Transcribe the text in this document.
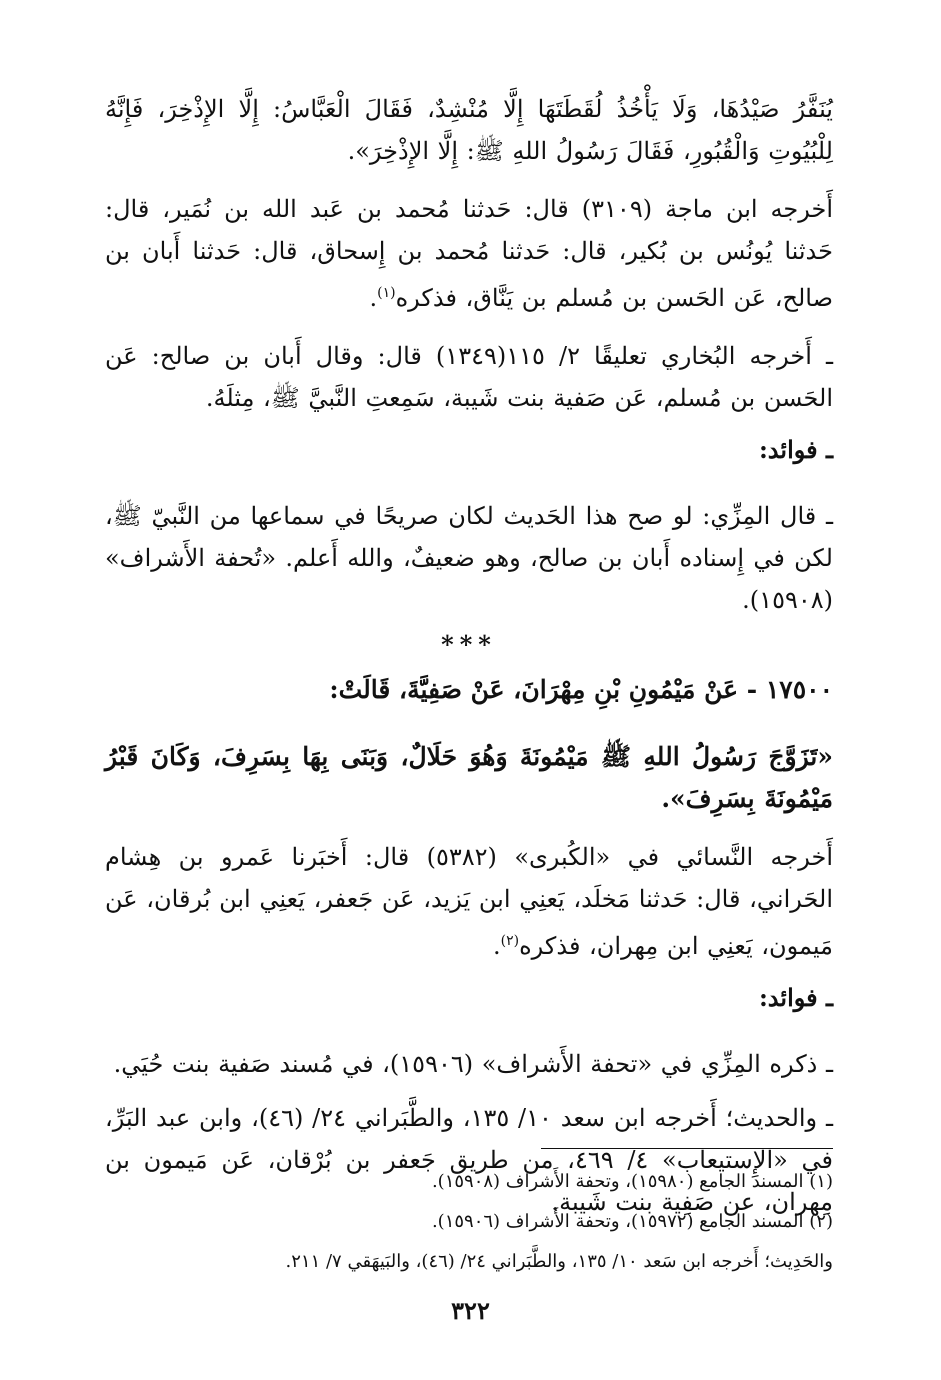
يُنَفَّرُ صَيْدُهَا، وَلَا يَأْخُذُ لُقَطَتَهَا إِلَّا مُنْشِدٌ، فَقَالَ الْعَبَّاسُ: إِلَّا الإِذْخِرَ، فَإِنَّهُ لِلْبُيُوتِ وَالْقُبُورِ، فَقَالَ رَسُولُ اللهِ ﷺ: إِلَّا الإِذْخِرَ».

أَخرجه ابن ماجة (٣١٠٩) قال: حَدثنا مُحمد بن عَبد الله بن نُمَير، قال: حَدثنا يُونُس بن بُكير، قال: حَدثنا مُحمد بن إِسحاق، قال: حَدثنا أَبان بن صالح، عَن الحَسن بن مُسلم بن يَنَّاق، فذكره$^{(١)}$.

ـ أَخرجه البُخاري تعليقًا ٢/ ١١٥(١٣٤٩) قال: وقال أَبان بن صالح: عَن الحَسن بن مُسلم، عَن صَفية بنت شَيبة، سَمِعتِ النَّبيَّ ﷺ، مِثلَهُ.

ـ فوائد:

ـ قال المِزِّي: لو صح هذا الحَديث لكان صريحًا في سماعها من النَّبيّ ﷺ، لكن في إِسناده أَبان بن صالح، وهو ضعيفٌ، والله أَعلم. «تُحفة الأَشراف» (١٥٩٠٨).

***

١٧٥٠٠ - عَنْ مَيْمُونِ بْنِ مِهْرَانَ، عَنْ صَفِيَّةَ، قَالَتْ:

«تَزَوَّجَ رَسُولُ اللهِ ﷺ مَيْمُونَةَ وَهُوَ حَلَالٌ، وَبَنَى بِهَا بِسَرِفَ، وَكَانَ قَبْرُ مَيْمُونَةَ بِسَرِفَ».

أَخرجه النَّسائي في «الكُبرى» (٥٣٨٢) قال: أَخبَرنا عَمرو بن هِشام الحَراني، قال: حَدثنا مَخلَد، يَعنِي ابن يَزيد، عَن جَعفر، يَعنِي ابن بُرقان، عَن مَيمون، يَعنِي ابن مِهران، فذكره$^{(٢)}$.

ـ فوائد:

ـ ذكره المِزِّي في «تحفة الأَشراف» (١٥٩٠٦)، في مُسند صَفية بنت حُيَي.

ـ والحديث؛ أَخرجه ابن سعد ١٠/ ١٣٥، والطَّبَراني ٢٤/ (٤٦)، وابن عبد البَرِّ، في «الإِستيعاب» ٤/ ٤٦٩، من طريق جَعفر بن بُرْقان، عَن مَيمون بن مِهران، عن صَفِية بنت شَيبة.

(١) المسند الجامع (١٥٩٨٠)، وتحفة الأَشراف (١٥٩٠٨).

(٢) المسند الجامع (١٥٩٧٢)، وتحفة الأَشراف (١٥٩٠٦).

والحَدِيث؛ أَخرجه ابن سَعد ١٠/ ١٣٥، والطَّبَراني ٢٤/ (٤٦)، والبَيهَقي ٧/ ٢١١.

٣٢٢
